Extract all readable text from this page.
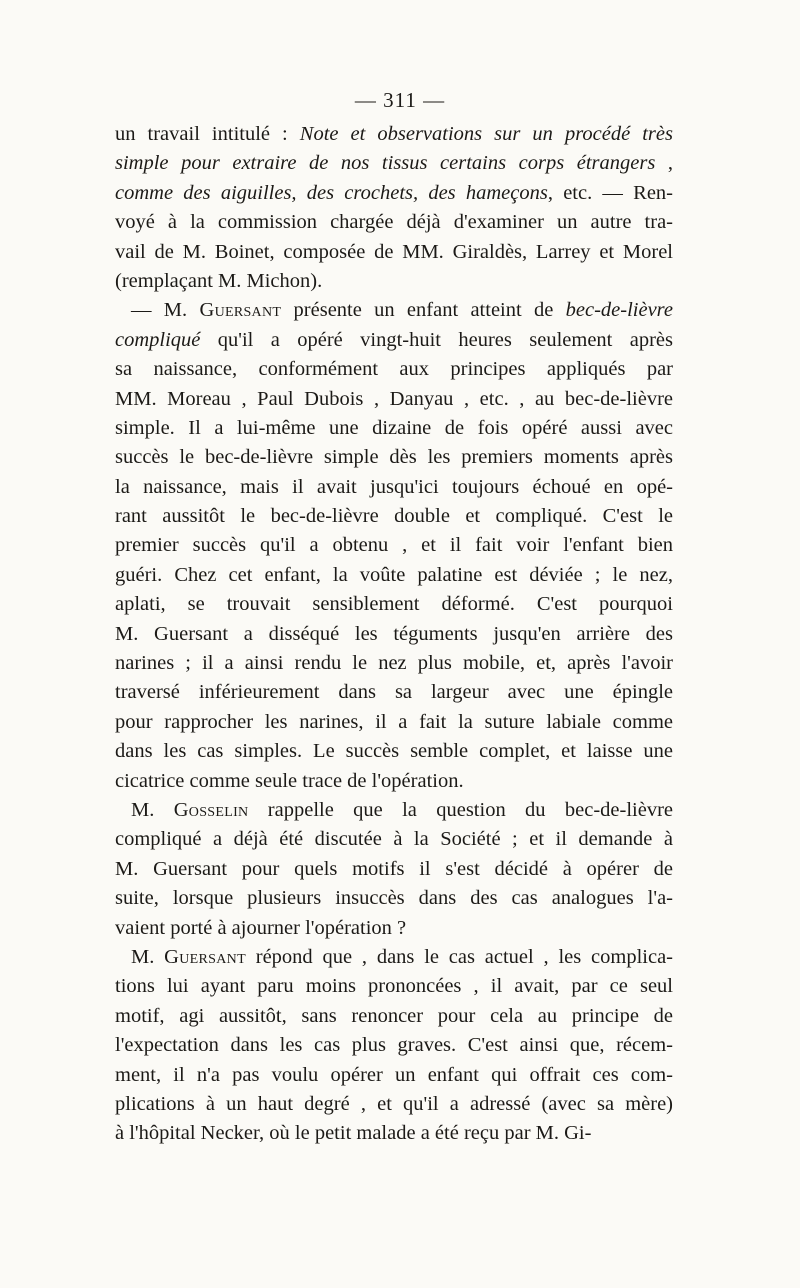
— 311 —
un travail intitulé : Note et observations sur un procédé très
simple pour extraire de nos tissus certains corps étrangers ,
comme des aiguilles, des crochets, des hameçons, etc. — Ren-
voyé à la commission chargée déjà d'examiner un autre tra-
vail de M. Boinet, composée de MM. Giraldès, Larrey et Morel
(remplaçant M. Michon).
— M. Guersant présente un enfant atteint de bec-de-lièvre
compliqué qu'il a opéré vingt-huit heures seulement après
sa naissance, conformément aux principes appliqués par
MM. Moreau , Paul Dubois , Danyau , etc. , au bec-de-lièvre
simple. Il a lui-même une dizaine de fois opéré aussi avec
succès le bec-de-lièvre simple dès les premiers moments après
la naissance, mais il avait jusqu'ici toujours échoué en opé-
rant aussitôt le bec-de-lièvre double et compliqué. C'est le
premier succès qu'il a obtenu , et il fait voir l'enfant bien
guéri. Chez cet enfant, la voûte palatine est déviée ; le nez,
aplati, se trouvait sensiblement déformé. C'est pourquoi
M. Guersant a disséqué les téguments jusqu'en arrière des
narines ; il a ainsi rendu le nez plus mobile, et, après l'avoir
traversé inférieurement dans sa largeur avec une épingle
pour rapprocher les narines, il a fait la suture labiale comme
dans les cas simples. Le succès semble complet, et laisse une
cicatrice comme seule trace de l'opération.
M. Gosselin rappelle que la question du bec-de-lièvre
compliqué a déjà été discutée à la Société ; et il demande à
M. Guersant pour quels motifs il s'est décidé à opérer de
suite, lorsque plusieurs insuccès dans des cas analogues l'a-
vaient porté à ajourner l'opération ?
M. Guersant répond que , dans le cas actuel , les complica-
tions lui ayant paru moins prononcées , il avait, par ce seul
motif, agi aussitôt, sans renoncer pour cela au principe de
l'expectation dans les cas plus graves. C'est ainsi que, récem-
ment, il n'a pas voulu opérer un enfant qui offrait ces com-
plications à un haut degré , et qu'il a adressé (avec sa mère)
à l'hôpital Necker, où le petit malade a été reçu par M. Gi-
